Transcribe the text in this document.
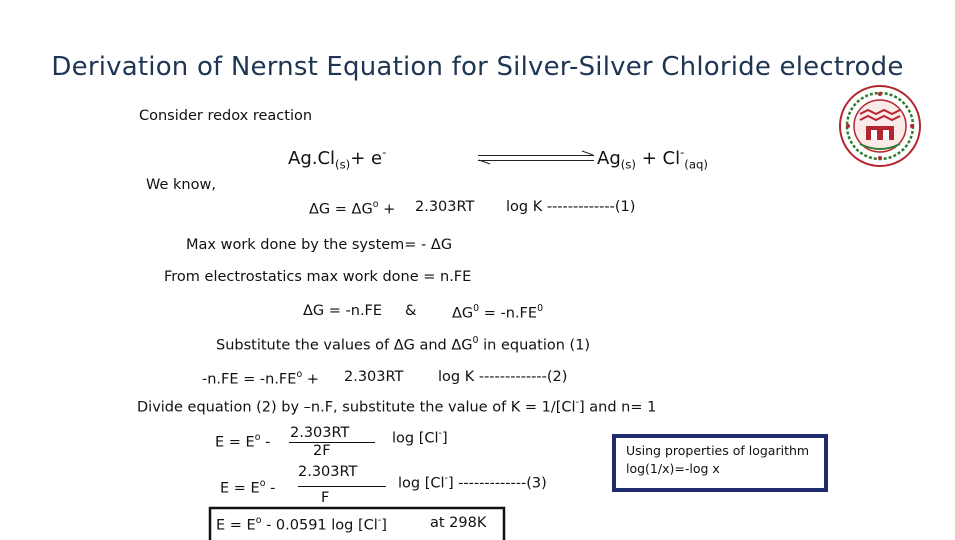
Derivation of Nernst Equation for Silver-Silver Chloride electrode
Consider redox reaction
$Ag.Cl_{(s)}+ e^-$	$Ag_{(s)} + Cl^-_{(aq)}$
We know,
$\Delta G = \Delta G^o + 2.303RT$ log K -------------(1)
Max work done by the system= - ΔG
From electrostatics max work done = n.FE
ΔG = -n.FE & $\Delta G^0 = -n.FE^0$
Substitute the values of ΔG and $\Delta G^0$ in equation (1)
$-n.FE = -n.FE^o + 2.303RT$ log K -------------(2)
Divide equation (2) by –n.F, substitute the value of K = 1/[Cl-] and n= 1
$E = E^o$ -
2.303RT
2F
log [Cl-]
$E = E^o$ -
2.303RT
F
log [Cl-] -------------(3)
$E = E^o - 0.0591$ log [Cl-]	at 298K
Using properties of logarithm
log(1/x)=-log x
